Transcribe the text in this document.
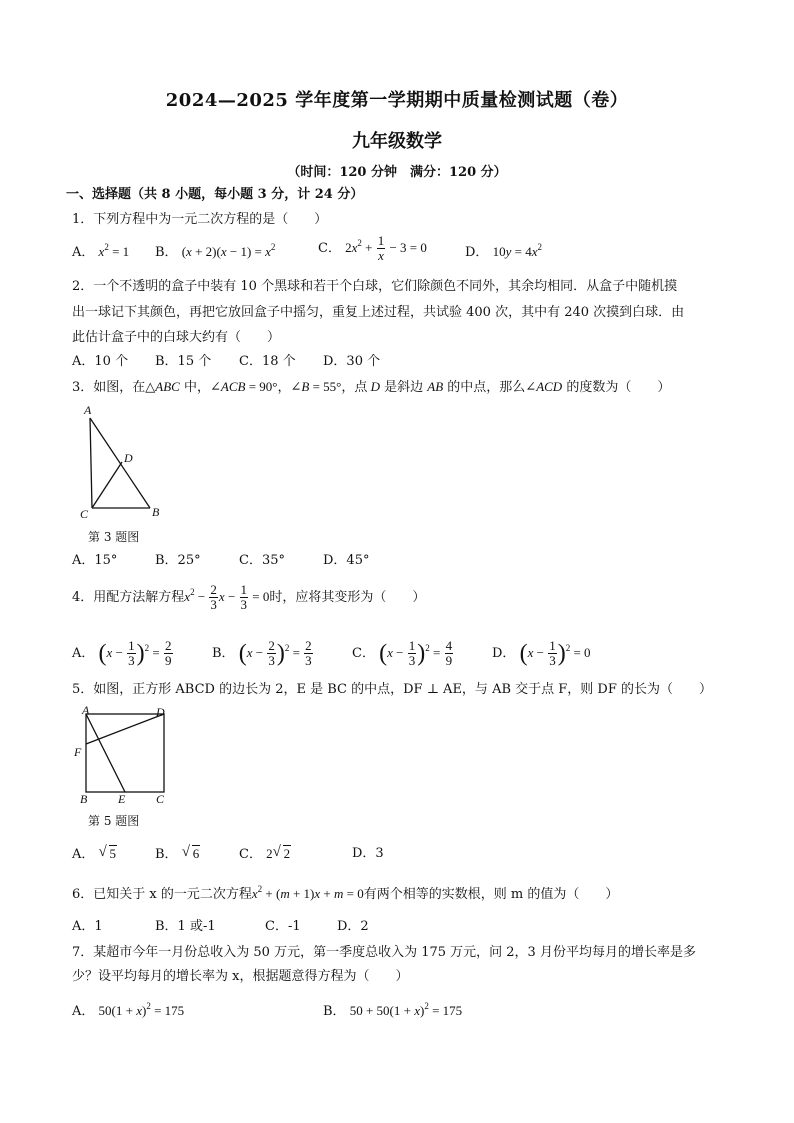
2024—2025 学年度第一学期期中质量检测试题（卷）
九年级数学
（时间：120 分钟　满分：120 分）
一、选择题（共 8 小题，每小题 3 分，计 24 分）
1．下列方程中为一元二次方程的是（　　）
A． $x^2 = 1$ B． $(x + 2)(x - 1) = x^2$	C． $2x^2 + \frac{1}{x} - 3 = 0$	D． $10y = 4x^2$
2．一个不透明的盒子中装有 10 个黑球和若干个白球，它们除颜色不同外，其余均相同．从盒子中随机摸
出一球记下其颜色，再把它放回盒子中摇匀，重复上述过程，共试验 400 次，其中有 240 次摸到白球．由
此估计盒子中的白球大约有（　　）
A．10 个 B．15 个 C．18 个 D．30 个
3．如图，在△ABC 中，∠ACB = 90°，∠B = 55°，点 D 是斜边 AB 的中点，那么∠ACD 的度数为（　　）
A
D
C	B
第 3 题图
A．15°	B．25°	C．35°	D．45°
4．用配方法解方程$x^2 - \frac{2}{3}$ $x - \frac{1}{3} = 0$时，应将其变形为（　　）
A． $(x - \frac{1}{3} )^2 = \frac{2}{9}$	B． $(x - \frac{2}{3} )^2 = \frac{2}{3}$	C． $(x - \frac{1}{3} )^2 = \frac{4}{9}$	D． $(x - \frac{1}{3} )^2 = 0$
5．如图，正方形 ABCD 的边长为 2，E 是 BC 的中点，DF ⊥ AE，与 AB 交于点 F，则 DF 的长为（　　）
A	D
F
B	E	C
第 5 题图
A． √ 5	B． √ 6	C． 2 √ 2	D．3
6．已知关于 x 的一元二次方程$x^2 + (m + 1)x + m = 0$有两个相等的实数根，则 m 的值为（　　）
A．1	B．1 或-1	C．-1	D．2
7．某超市今年一月份总收入为 50 万元，第一季度总收入为 175 万元，问 2，3 月份平均每月的增长率是多
少？设平均每月的增长率为 x，根据题意得方程为（　　）
A． $50(1 + x)^2 = 175$	B． $50 + 50(1 + x)^2 = 175$
